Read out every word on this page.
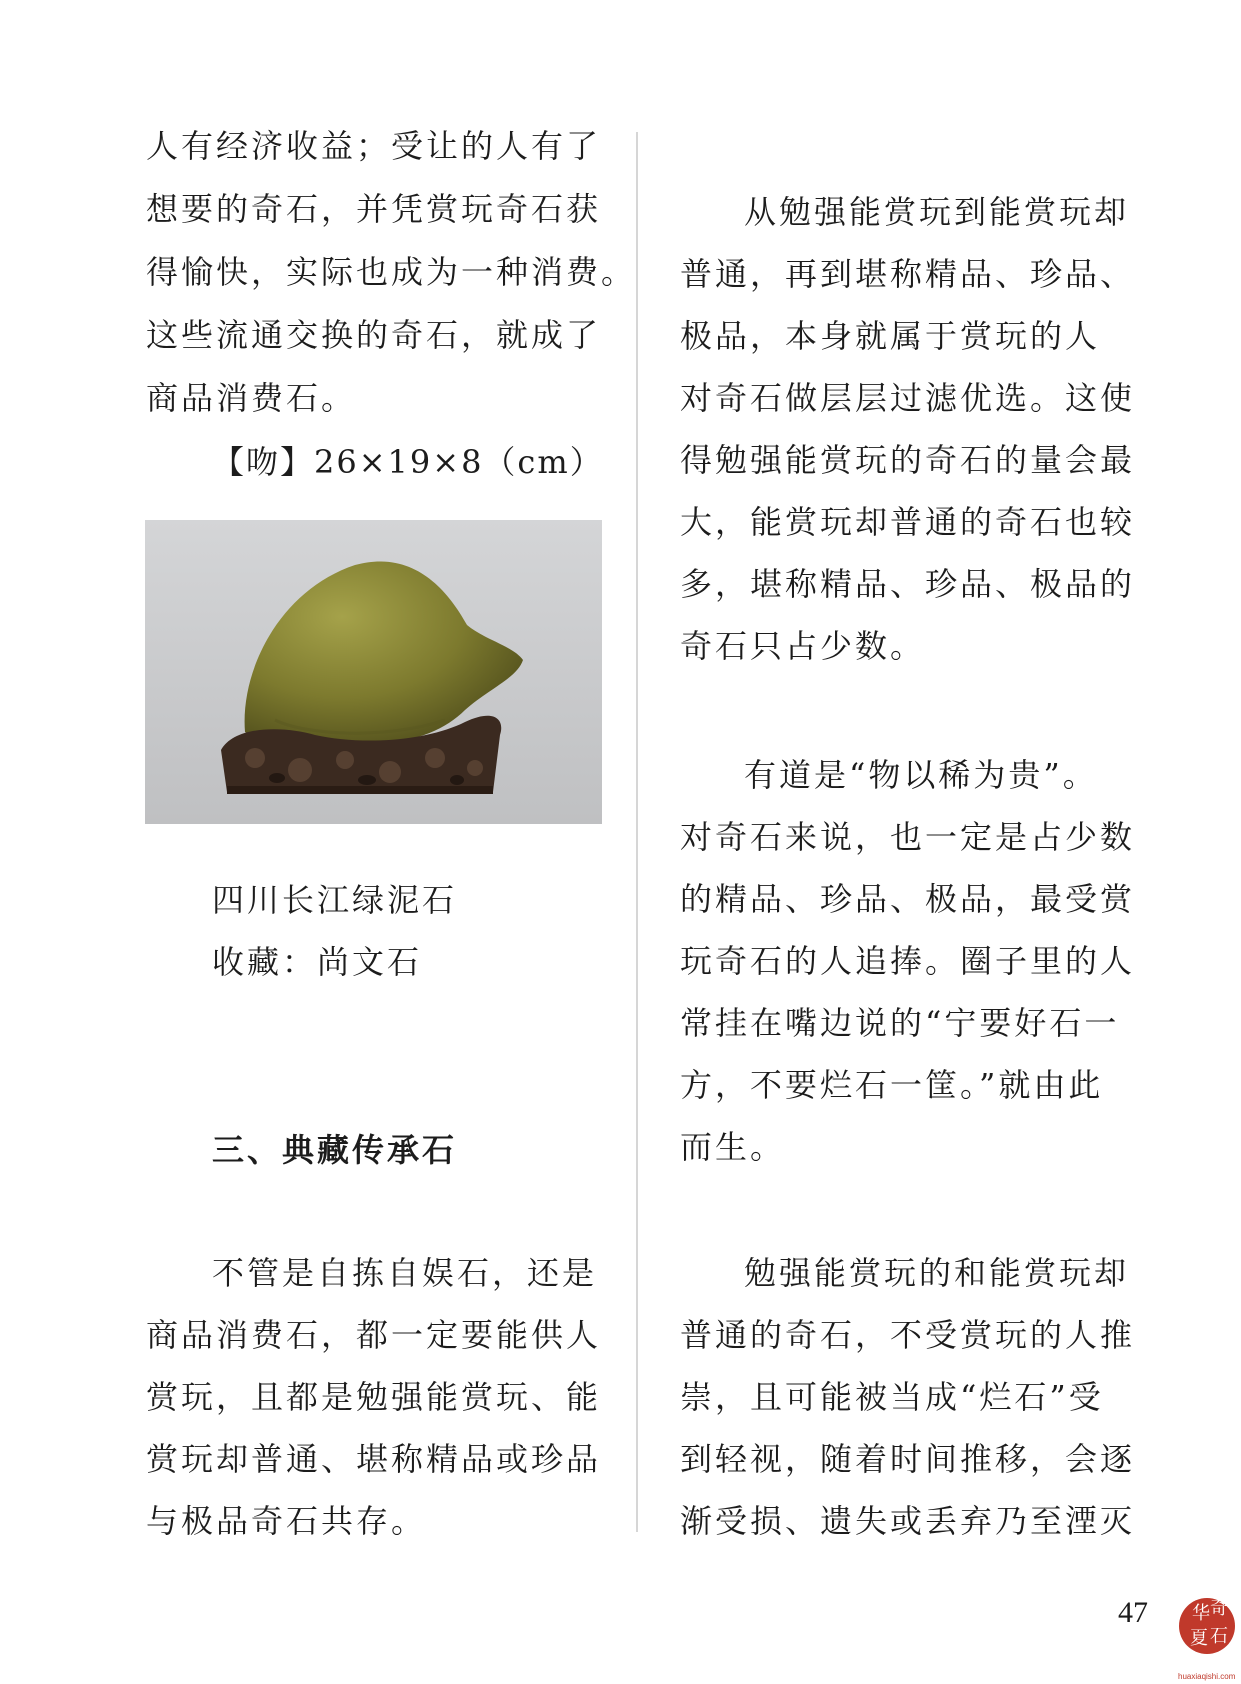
人有经济收益；受让的人有了
想要的奇石，并凭赏玩奇石获
得愉快，实际也成为一种消费。
这些流通交换的奇石，就成了
商品消费石。
【吻】26×19×8（cm）
四川长江绿泥石
收藏：尚文石
三、典藏传承石
不管是自拣自娱石，还是
商品消费石，都一定要能供人
赏玩，且都是勉强能赏玩、能
赏玩却普通、堪称精品或珍品
与极品奇石共存。
从勉强能赏玩到能赏玩却
普通，再到堪称精品、珍品、
极品，本身就属于赏玩的人
对奇石做层层过滤优选。这使
得勉强能赏玩的奇石的量会最
大，能赏玩却普通的奇石也较
多，堪称精品、珍品、极品的
奇石只占少数。
有道是“物以稀为贵”。
对奇石来说，也一定是占少数
的精品、珍品、极品，最受赏
玩奇石的人追捧。圈子里的人
常挂在嘴边说的“宁要好石一
方，不要烂石一筐。”就由此
而生。
勉强能赏玩的和能赏玩却
普通的奇石，不受赏玩的人推
崇，且可能被当成“烂石”受
到轻视，随着时间推移，会逐
渐受损、遗失或丢弃乃至湮灭
47 华 奇
夏 石
huaxiaqishi.com
